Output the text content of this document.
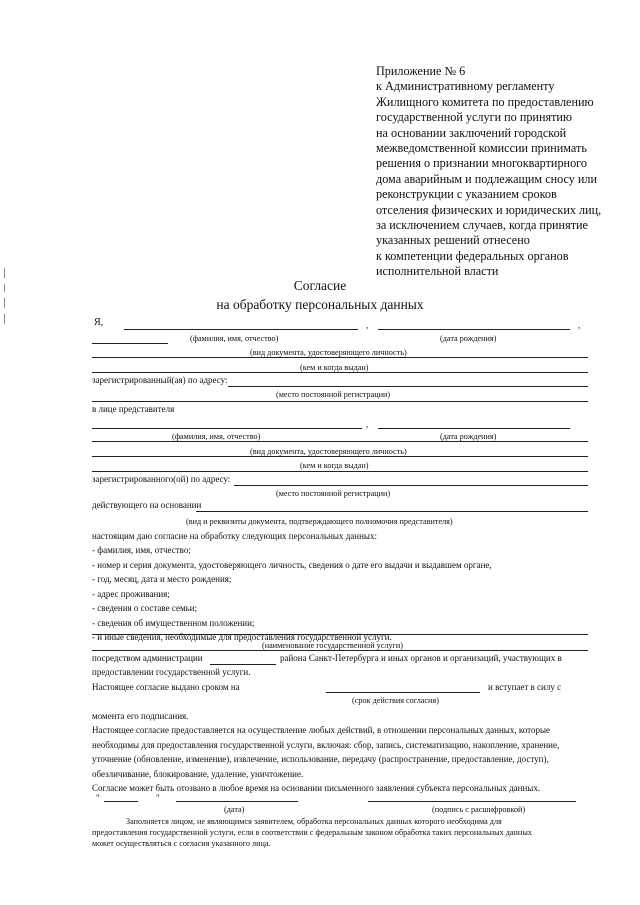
Приложение № 6
к Административному регламенту
Жилищного комитета по предоставлению
государственной услуги по принятию
на основании заключений городской
межведомственной комиссии принимать
решения о признании многоквартирного
дома аварийным и подлежащим сносу или
реконструкции с указанием сроков
отселения физических и юридических лиц,
за исключением случаев, когда принятие
указанных решений отнесено
к компетенции федеральных органов
исполнительной власти
Согласие
на обработку персональных данных
Я,	,	,
(фамилия, имя, отчество)	(дата рождения)
(вид документа, удостоверяющего личность)
(кем и когда выдан)
зарегистрированный(ая) по адресу:
(место постоянной регистрации)
в лице представителя
,
(фамилия, имя, отчество)	(дата рождения)
(вид документа, удостоверяющего личность)
(кем и когда выдан)
зарегистрированного(ой) по адресу:
(место постоянной регистрации)
действующего на основании
(вид и реквизиты документа, подтверждающего полномочия представителя)
настоящим даю согласие на обработку следующих персональных данных:
- фамилия, имя, отчество;
- номер и серия документа, удостоверяющего личность, сведения о дате его выдачи и выдавшем органе,
- год, месяц, дата и место рождения;
- адрес проживания;
- сведения о составе семьи;
- сведения об имущественном положении;
- и иные сведения, необходимые для предоставления государственной услуги.
(наименование государственной услуги)
посредством администрации	района Санкт-Петербурга и иных органов и организаций, участвующих в
предоставлении государственной услуги.
Настоящее согласие выдано сроком на	и вступает в силу с
(срок действия согласия)
момента его подписания.
Настоящее согласие предоставляется на осуществление любых действий, в отношении персональных данных, которые
необходимы для предоставления государственной услуги, включая: сбор, запись, систематизацию, накопление, хранение,
уточнение (обновление, изменение), извлечение, использование, передачу (распространение, предоставление, доступ),
обезличивание, блокирование, удаление, уничтожение.
Согласие может быть отозвано в любое время на основании письменного заявления субъекта персональных данных.
"	"
(дата)	(подпись с расшифровкой)
Заполняется лицом, не являющимся заявителем, обработка персональных данных которого необходима для
предоставления государственной услуги, если в соответствии с федеральным законом обработка таких персональных данных
может осуществляться с согласия указанного лица.
